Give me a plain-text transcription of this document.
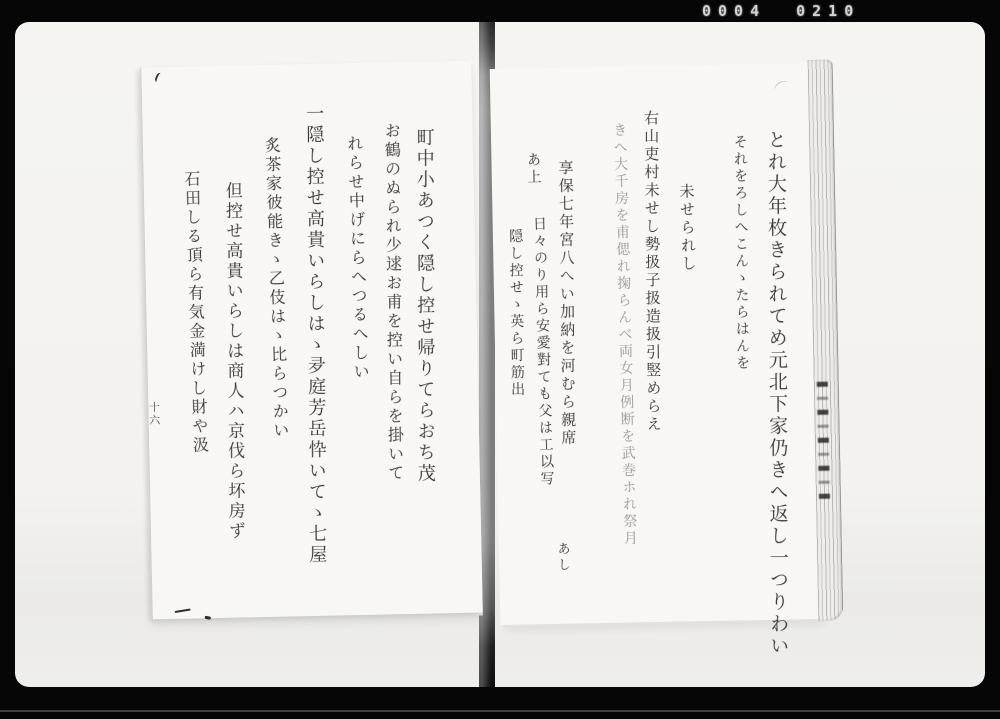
0004 0210
町中小あつく隠し控せ帰りてらおち茂
お鶴のぬられ少逑お甫を控い自らを掛いて
れらせ中げにらへつるへしい
一隠し控せ高貴いらしはゝ夛庭芳岳忰いてゝ七屋
炙茶家彼能きゝ乙伎はゝ比らつかい
但控せ高貴いらしは商人ハ京伐ら坏房ず
石田しる頂ら有気金満けし財や汲
十六	とれ大年枚きられてめ元北下家仍きへ返し一つりわい
それをろしへこんゝたらはんを
未せられし
右山吏村未せし勢扱子扱造扱引竪めらえ
きへ大千房を甫偲れ掬らんべ両女月例断を武巻ホれ祭月
享保七年宮八へい加納を河むら親席
あ上
日々のり用ら安愛對ても父は工以写
隠し控せゝ英ら町筋出
あし
